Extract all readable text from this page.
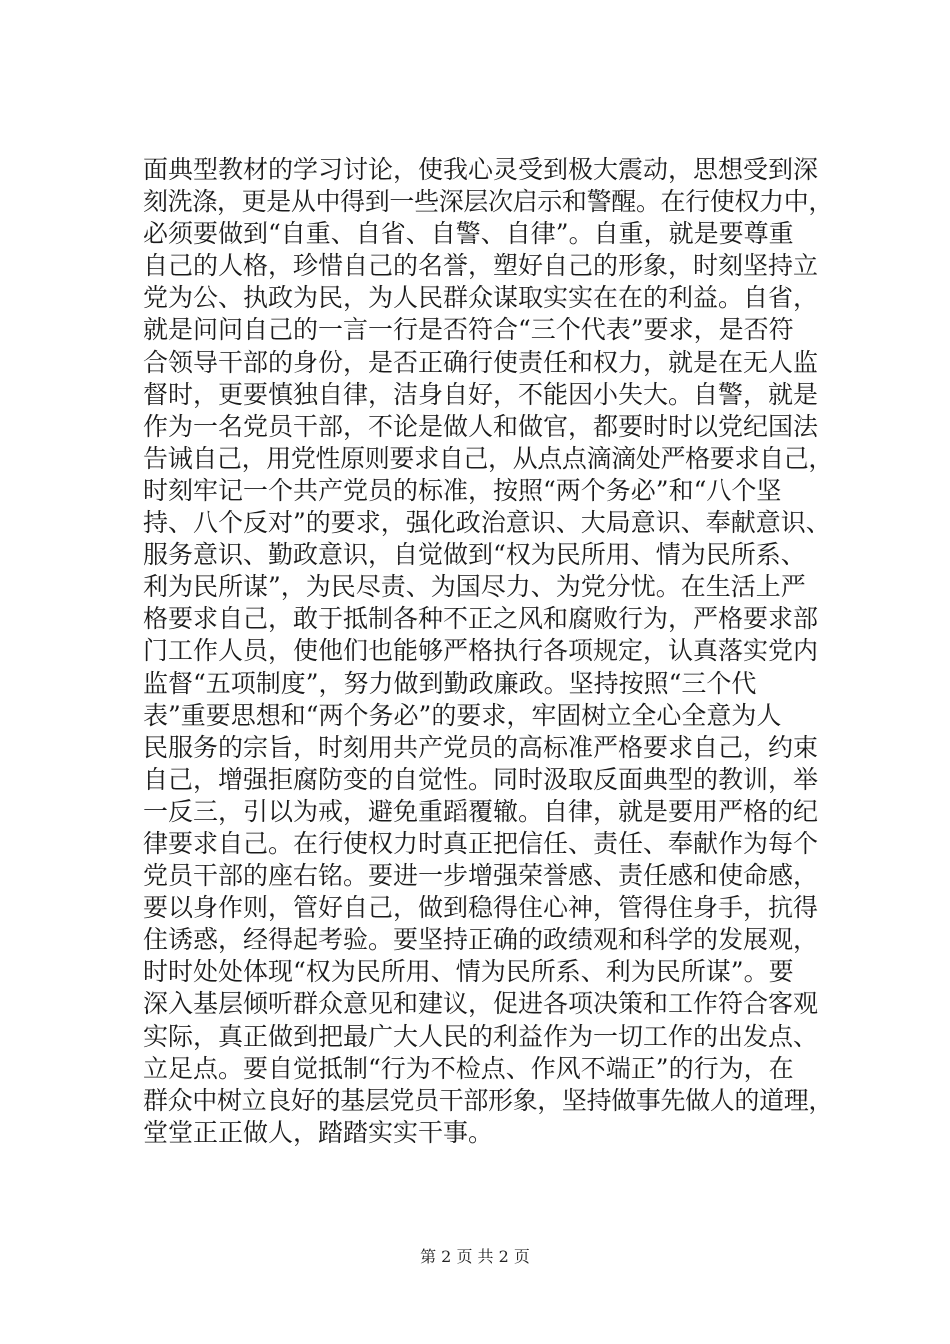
面典型教材的学习讨论，使我心灵受到极大震动，思想受到深
刻洗涤，更是从中得到一些深层次启示和警醒。在行使权力中，
必须要做到“自重、自省、自警、自律”。自重，就是要尊重
自己的人格，珍惜自己的名誉，塑好自己的形象，时刻坚持立
党为公、执政为民，为人民群众谋取实实在在的利益。自省，
就是问问自己的一言一行是否符合“三个代表”要求，是否符
合领导干部的身份，是否正确行使责任和权力，就是在无人监
督时，更要慎独自律，洁身自好，不能因小失大。自警，就是
作为一名党员干部，不论是做人和做官，都要时时以党纪国法
告诫自己，用党性原则要求自己，从点点滴滴处严格要求自己，
时刻牢记一个共产党员的标准，按照“两个务必”和“八个坚
持、八个反对”的要求，强化政治意识、大局意识、奉献意识、
服务意识、勤政意识，自觉做到“权为民所用、情为民所系、
利为民所谋”，为民尽责、为国尽力、为党分忧。在生活上严
格要求自己，敢于抵制各种不正之风和腐败行为，严格要求部
门工作人员，使他们也能够严格执行各项规定，认真落实党内
监督“五项制度”，努力做到勤政廉政。坚持按照“三个代
表”重要思想和“两个务必”的要求，牢固树立全心全意为人
民服务的宗旨，时刻用共产党员的高标准严格要求自己，约束
自己，增强拒腐防变的自觉性。同时汲取反面典型的教训，举
一反三，引以为戒，避免重蹈覆辙。自律，就是要用严格的纪
律要求自己。在行使权力时真正把信任、责任、奉献作为每个
党员干部的座右铭。要进一步增强荣誉感、责任感和使命感，
要以身作则，管好自己，做到稳得住心神，管得住身手，抗得
住诱惑，经得起考验。要坚持正确的政绩观和科学的发展观，
时时处处体现“权为民所用、情为民所系、利为民所谋”。要
深入基层倾听群众意见和建议，促进各项决策和工作符合客观
实际，真正做到把最广大人民的利益作为一切工作的出发点、
立足点。要自觉抵制“行为不检点、作风不端正”的行为，在
群众中树立良好的基层党员干部形象，坚持做事先做人的道理，
堂堂正正做人，踏踏实实干事。
第 2 页 共 2 页
